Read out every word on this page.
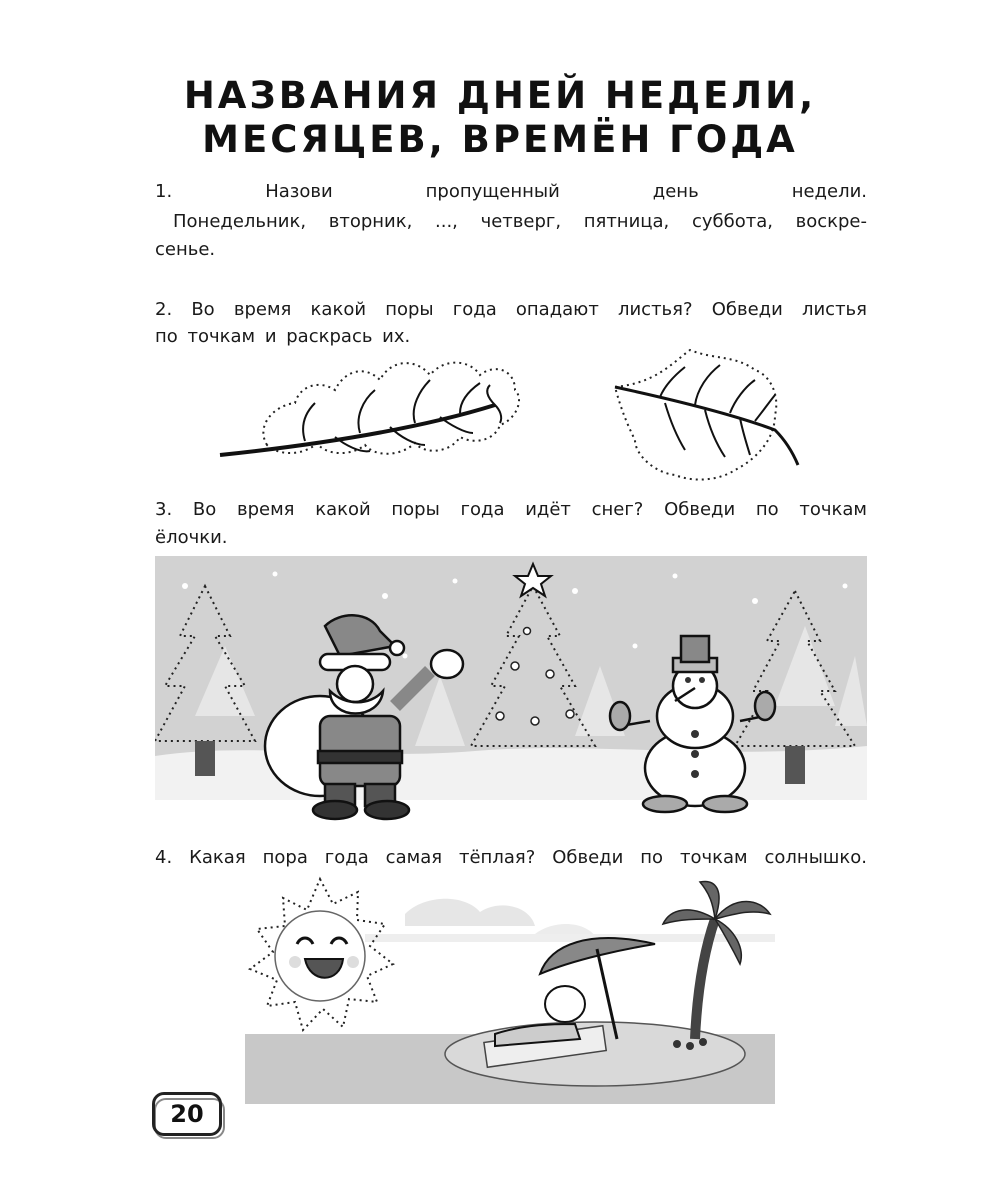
НАЗВАНИЯ ДНЕЙ НЕДЕЛИ,
МЕСЯЦЕВ, ВРЕМЁН ГОДА

1. Назови пропущенный день недели.

Понедельник, вторник, ..., четверг, пятница, суббота, воскре-

сенье.

2. Во время какой поры года опадают листья? Обведи листья

по точкам и раскрась их.

3. Во время какой поры года идёт снег? Обведи по точкам

ёлочки.

4. Какая пора года самая тёплая? Обведи по точкам солнышко.

20
